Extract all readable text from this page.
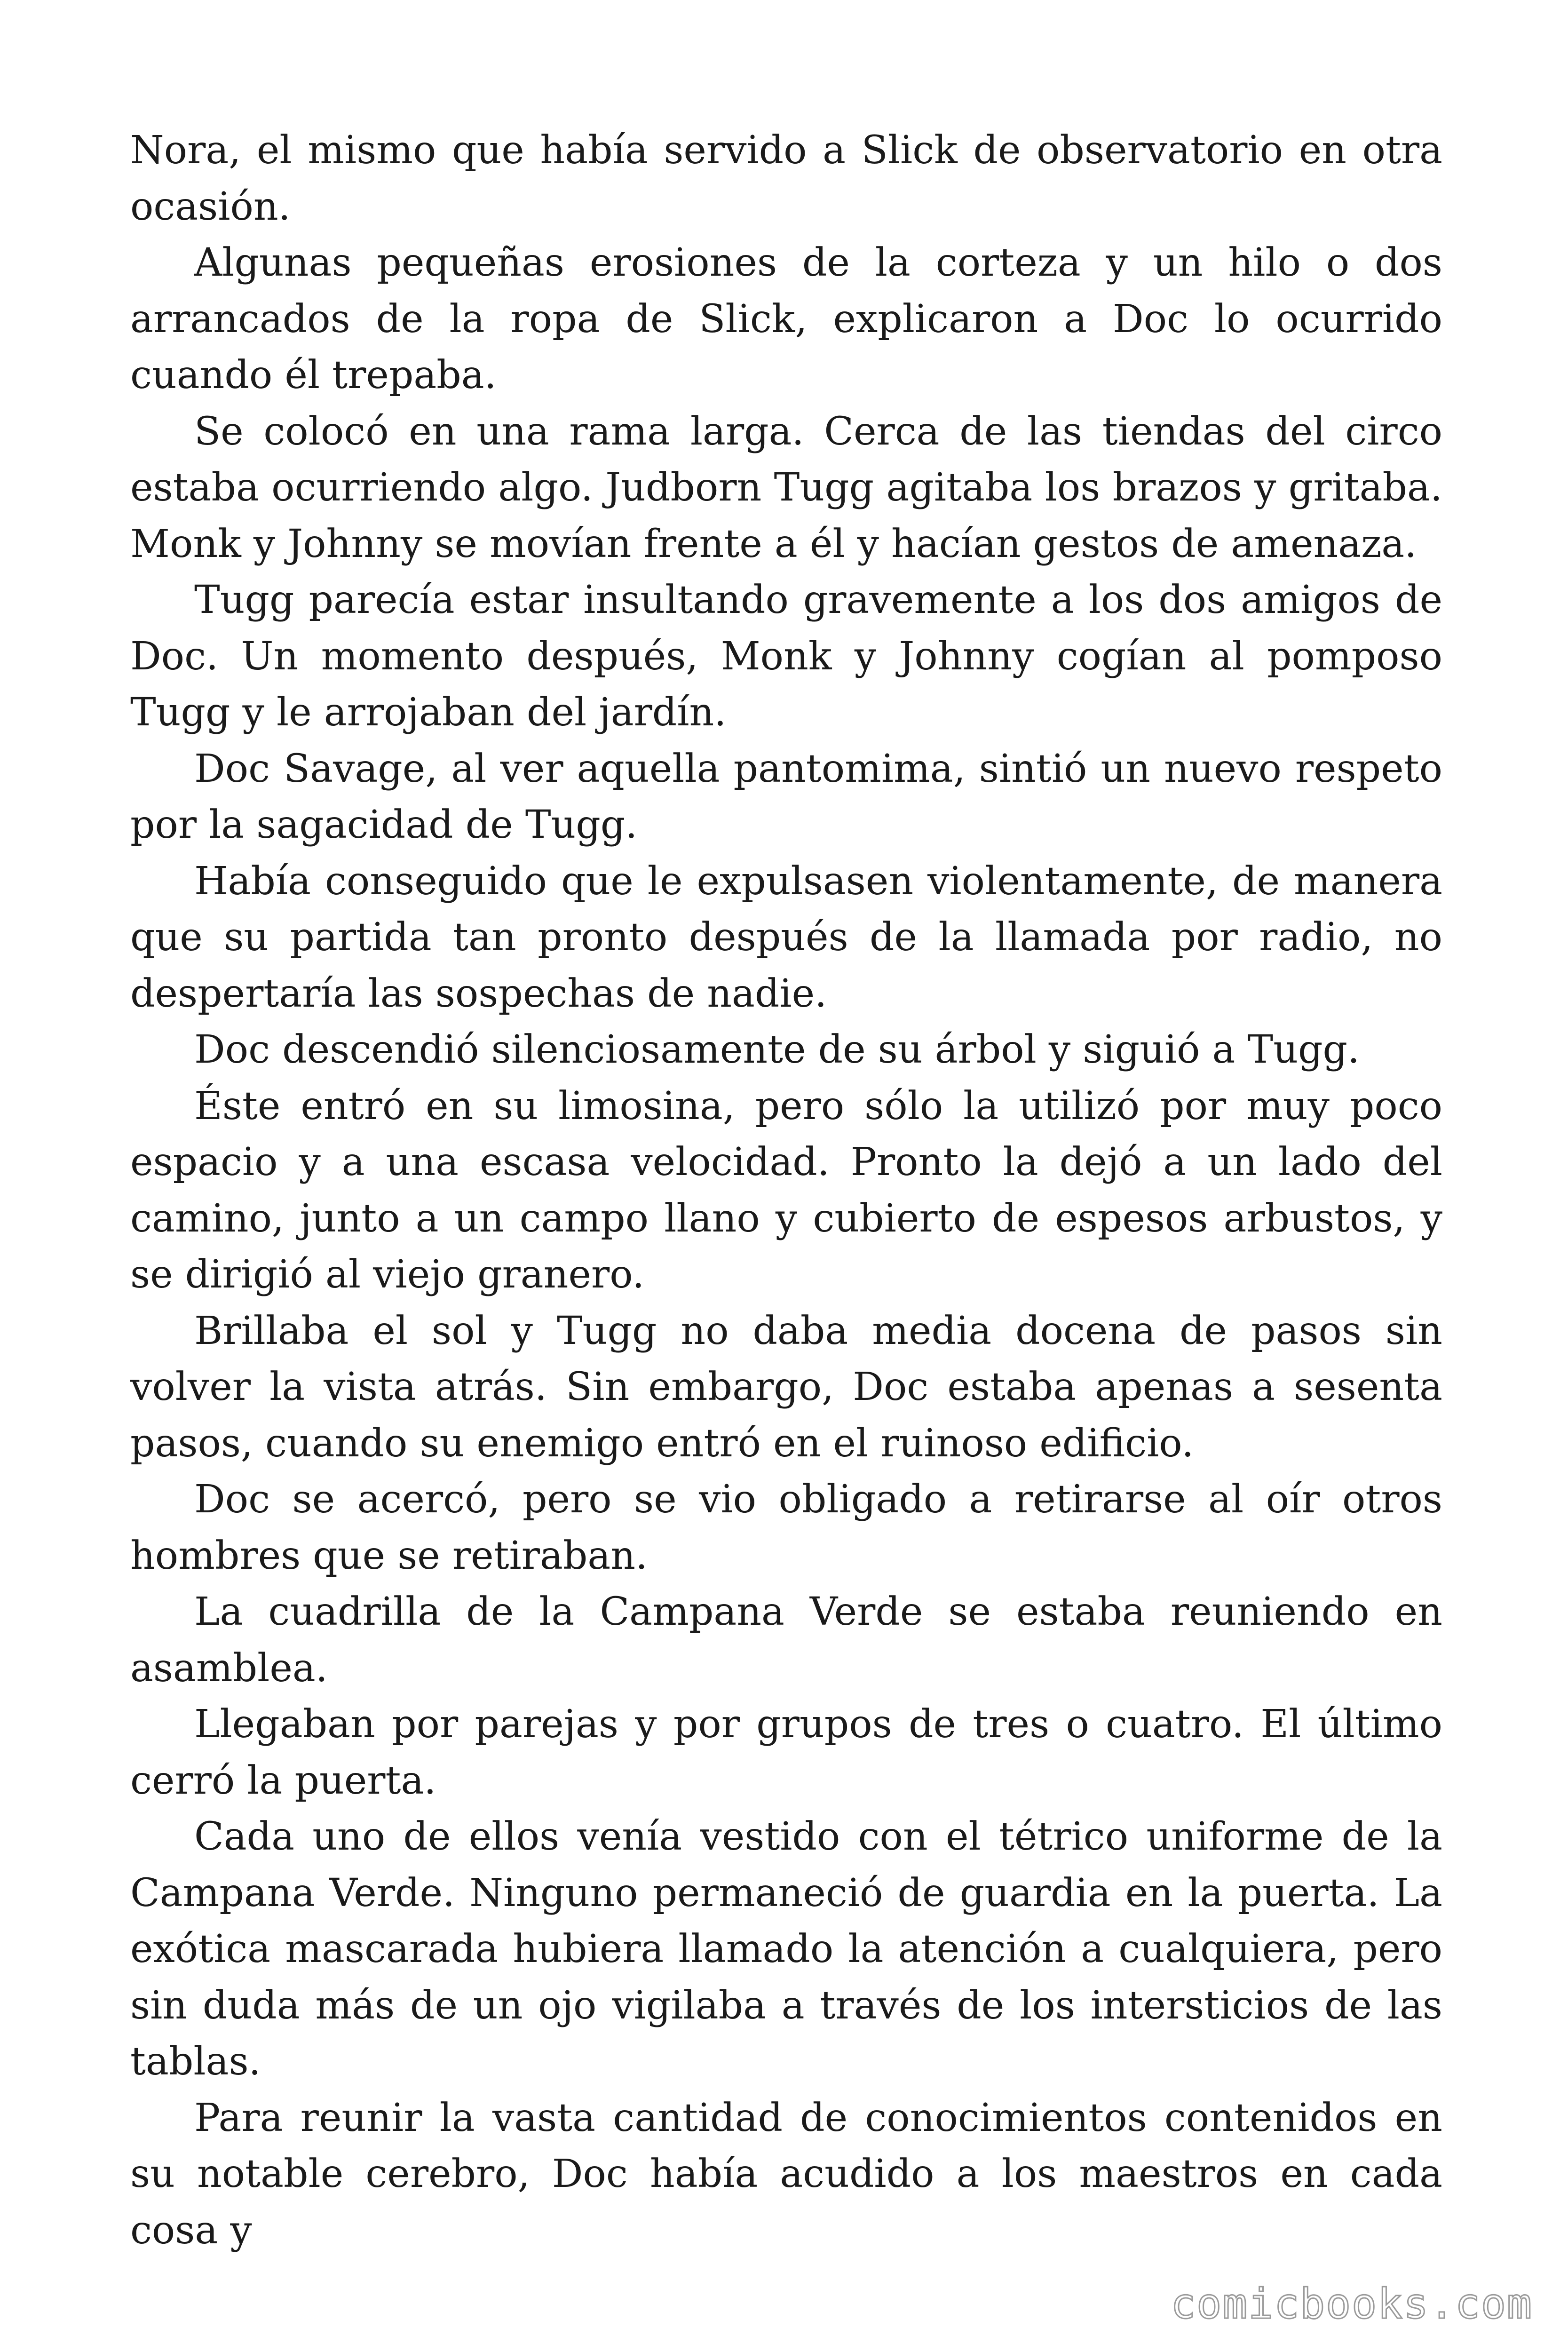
Nora, el mismo que había servido a Slick de observatorio en otra ocasión.

Algunas pequeñas erosiones de la corteza y un hilo o dos arrancados de la ropa de Slick, explicaron a Doc lo ocurrido cuando él trepaba.

Se colocó en una rama larga. Cerca de las tiendas del circo estaba ocurriendo algo. Judborn Tugg agitaba los brazos y gritaba. Monk y Johnny se movían frente a él y hacían gestos de amenaza.

Tugg parecía estar insultando gravemente a los dos amigos de Doc. Un momento después, Monk y Johnny cogían al pomposo Tugg y le arrojaban del jardín.

Doc Savage, al ver aquella pantomima, sintió un nuevo respeto por la sagacidad de Tugg.

Había conseguido que le expulsasen violentamente, de manera que su partida tan pronto después de la llamada por radio, no despertaría las sospechas de nadie.

Doc descendió silenciosamente de su árbol y siguió a Tugg.

Éste entró en su limosina, pero sólo la utilizó por muy poco espacio y a una escasa velocidad. Pronto la dejó a un lado del camino, junto a un campo llano y cubierto de espesos arbustos, y se dirigió al viejo granero.

Brillaba el sol y Tugg no daba media docena de pasos sin volver la vista atrás. Sin embargo, Doc estaba apenas a sesenta pasos, cuando su enemigo entró en el ruinoso edificio.

Doc se acercó, pero se vio obligado a retirarse al oír otros hombres que se retiraban.

La cuadrilla de la Campana Verde se estaba reuniendo en asamblea.

Llegaban por parejas y por grupos de tres o cuatro. El último cerró la puerta.

Cada uno de ellos venía vestido con el tétrico uniforme de la Campana Verde. Ninguno permaneció de guardia en la puerta. La exótica mascarada hubiera llamado la atención a cualquiera, pero sin duda más de un ojo vigilaba a través de los intersticios de las tablas.

Para reunir la vasta cantidad de conocimientos contenidos en su notable cerebro, Doc había acudido a los maestros en cada cosa y

comicbooks.com
